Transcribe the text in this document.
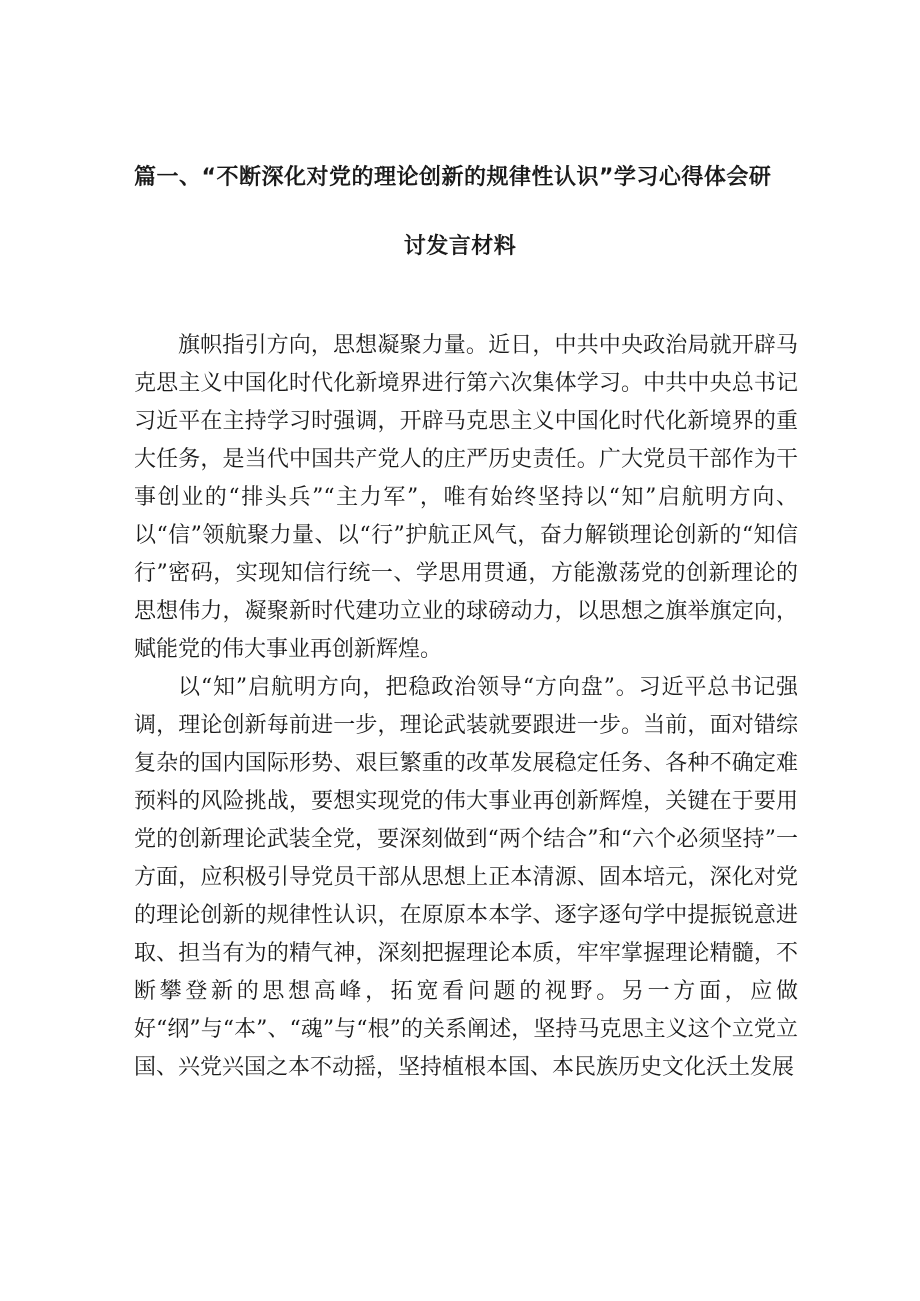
篇一、“不断深化对党的理论创新的规律性认识”学习心得体会研
讨发言材料

旗帜指引方向，思想凝聚力量。近日，中共中央政治局就开辟马克思主义中国化时代化新境界进行第六次集体学习。中共中央总书记习近平在主持学习时强调，开辟马克思主义中国化时代化新境界的重大任务，是当代中国共产党人的庄严历史责任。广大党员干部作为干事创业的“排头兵”“主力军”，唯有始终坚持以“知”启航明方向、以“信”领航聚力量、以“行”护航正风气，奋力解锁理论创新的“知信行”密码，实现知信行统一、学思用贯通，方能激荡党的创新理论的思想伟力，凝聚新时代建功立业的球磅动力，以思想之旗举旗定向，赋能党的伟大事业再创新辉煌。

以“知”启航明方向，把稳政治领导“方向盘”。习近平总书记强调，理论创新每前进一步，理论武装就要跟进一步。当前，面对错综复杂的国内国际形势、艰巨繁重的改革发展稳定任务、各种不确定难预料的风险挑战，要想实现党的伟大事业再创新辉煌，关键在于要用党的创新理论武装全党，要深刻做到“两个结合”和“六个必须坚持”一方面，应积极引导党员干部从思想上正本清源、固本培元，深化对党的理论创新的规律性认识，在原原本本学、逐字逐句学中提振锐意进取、担当有为的精气神，深刻把握理论本质，牢牢掌握理论精髓，不断攀登新的思想高峰，拓宽看问题的视野。另一方面，应做好“纲”与“本”、“魂”与“根”的关系阐述，坚持马克思主义这个立党立国、兴党兴国之本不动摇，坚持植根本国、本民族历史文化沃土发展
